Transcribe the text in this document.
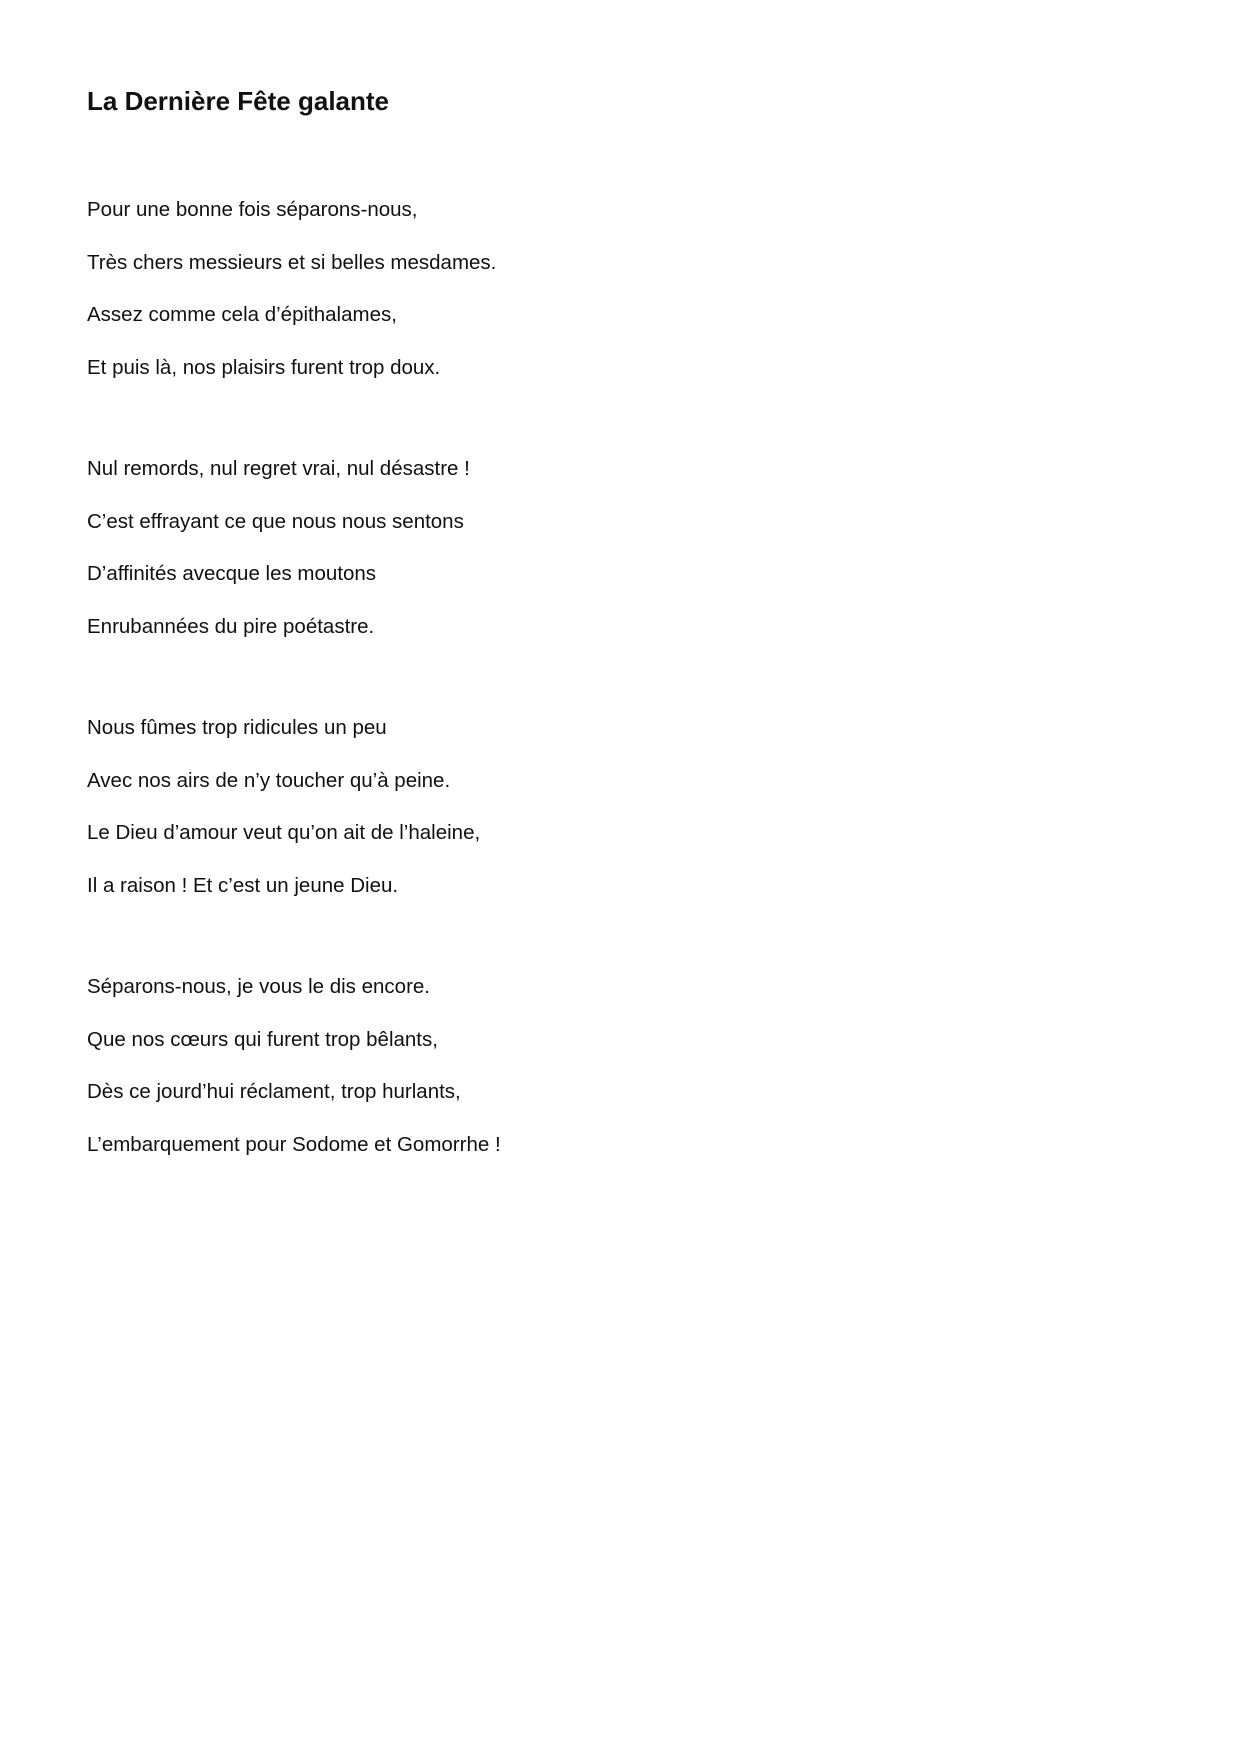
La Dernière Fête galante
Pour une bonne fois séparons-nous,
Très chers messieurs et si belles mesdames.
Assez comme cela d’épithalames,
Et puis là, nos plaisirs furent trop doux.
Nul remords, nul regret vrai, nul désastre !
C’est effrayant ce que nous nous sentons
D’affinités avecque les moutons
Enrubannées du pire poétastre.
Nous fûmes trop ridicules un peu
Avec nos airs de n’y toucher qu’à peine.
Le Dieu d’amour veut qu’on ait de l’haleine,
Il a raison ! Et c’est un jeune Dieu.
Séparons-nous, je vous le dis encore.
Que nos cœurs qui furent trop bêlants,
Dès ce jourd’hui réclament, trop hurlants,
L’embarquement pour Sodome et Gomorrhe !
